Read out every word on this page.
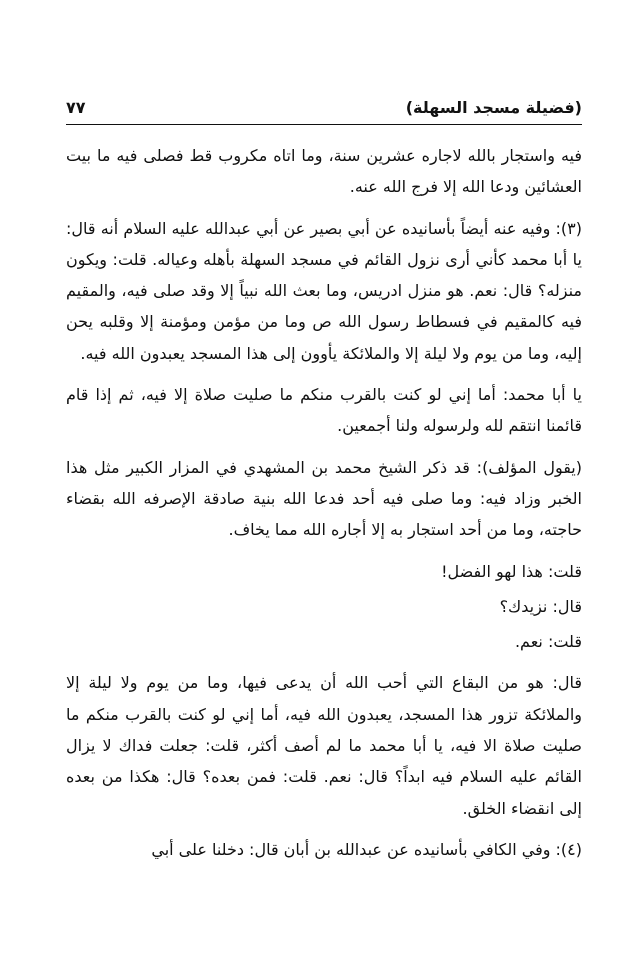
(فضيلة مسجد السهلة)
٧٧

فيه واستجار بالله لاجاره عشرين سنة، وما اتاه مكروب قط فصلى فيه ما بيت العشائين ودعا الله إلا فرج الله عنه.

(٣): وفيه عنه أيضاً بأسانيده عن أبي بصير عن أبي عبدالله عليه السلام أنه قال: يا أبا محمد كأني أرى نزول القائم في مسجد السهلة بأهله وعياله. قلت: ويكون منزله؟ قال: نعم. هو منزل ادريس، وما بعث الله نبياً إلا وقد صلى فيه، والمقيم فيه كالمقيم في فسطاط رسول الله ص وما من مؤمن ومؤمنة إلا وقلبه يحن إليه، وما من يوم ولا ليلة إلا والملائكة يأوون إلى هذا المسجد يعبدون الله فيه.

يا أبا محمد: أما إني لو كنت بالقرب منكم ما صليت صلاة إلا فيه، ثم إذا قام قائمنا انتقم لله ولرسوله ولنا أجمعين.

(يقول المؤلف): قد ذكر الشيخ محمد بن المشهدي في المزار الكبير مثل هذا الخبر وزاد فيه: وما صلى فيه أحد فدعا الله بنية صادقة الإصرفه الله بقضاء حاجته، وما من أحد استجار به إلا أجاره الله مما يخاف.

قلت: هذا لهو الفضل!

قال: نزيدك؟

قلت: نعم.

قال: هو من البقاع التي أحب الله أن يدعى فيها، وما من يوم ولا ليلة إلا والملائكة تزور هذا المسجد، يعبدون الله فيه، أما إني لو كنت بالقرب منكم ما صليت صلاة الا فيه، يا أبا محمد ما لم أصف أكثر، قلت: جعلت فداك لا يزال القائم عليه السلام فيه ابداً؟ قال: نعم. قلت: فمن بعده؟ قال: هكذا من بعده إلى انقضاء الخلق.

(٤): وفي الكافي بأسانيده عن عبدالله بن أبان قال: دخلنا على أبي
